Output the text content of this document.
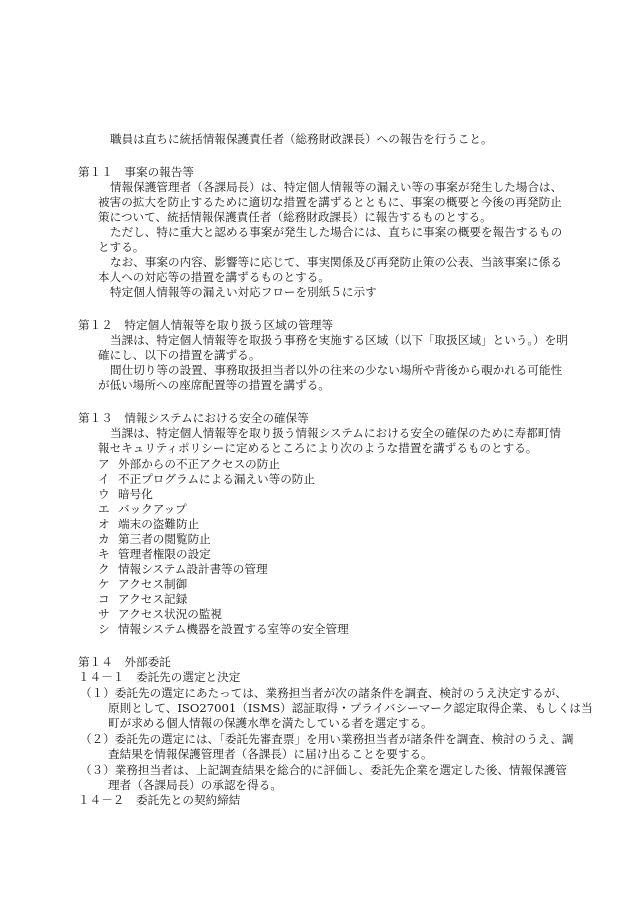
職員は直ちに統括情報保護責任者（総務財政課長）への報告を行うこと。
第１１　事案の報告等
情報保護管理者（各課局長）は、特定個人情報等の漏えい等の事案が発生した場合は、
被害の拡大を防止するために適切な措置を講ずるとともに、事案の概要と今後の再発防止
策について、統括情報保護責任者（総務財政課長）に報告するものとする。
ただし、特に重大と認める事案が発生した場合には、直ちに事案の概要を報告するもの
とする。
なお、事案の内容、影響等に応じて、事実関係及び再発防止策の公表、当該事案に係る
本人への対応等の措置を講ずるものとする。
特定個人情報等の漏えい対応フローを別紙５に示す
第１２　特定個人情報等を取り扱う区域の管理等
当課は、特定個人情報等を取扱う事務を実施する区域（以下「取扱区域」という。）を明
確にし、以下の措置を講ずる。
間仕切り等の設置、事務取扱担当者以外の往来の少ない場所や背後から覗かれる可能性
が低い場所への座席配置等の措置を講ずる。
第１３　情報システムにおける安全の確保等
当課は、特定個人情報等を取り扱う情報システムにおける安全の確保のために寿都町情
報セキュリティポリシーに定めるところにより次のような措置を講ずるものとする。
ア 外部からの不正アクセスの防止
イ 不正プログラムによる漏えい等の防止
ウ 暗号化
エ バックアップ
オ 端末の盗難防止
カ 第三者の閲覧防止
キ 管理者権限の設定
ク 情報システム設計書等の管理
ケ アクセス制御
コ アクセス記録
サ アクセス状況の監視
シ 情報システム機器を設置する室等の安全管理
第１４　外部委託
１４－１　委託先の選定と決定
（１）委託先の選定にあたっては、業務担当者が次の諸条件を調査、検討のうえ決定するが、
原則として、ISO27001（ISMS）認証取得・プライバシーマーク認定取得企業、もしくは当
町が求める個人情報の保護水準を満たしている者を選定する。
（２）委託先の選定には、「委託先審査票」を用い業務担当者が諸条件を調査、検討のうえ、調
査結果を情報保護管理者（各課長）に届け出ることを要する。
（３）業務担当者は、上記調査結果を総合的に評価し、委託先企業を選定した後、情報保護管
理者（各課局長）の承認を得る。
１４－２　委託先との契約締結
